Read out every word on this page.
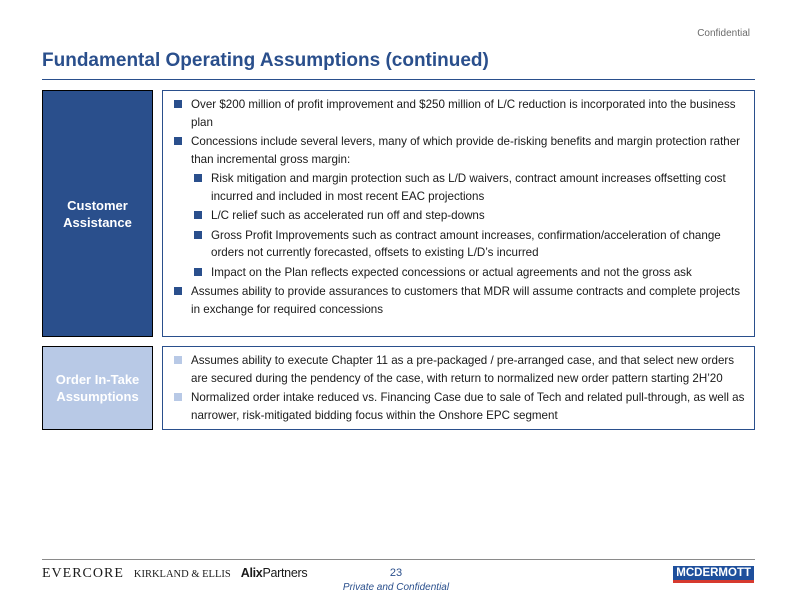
Confidential
Fundamental Operating Assumptions (continued)
Customer
Assistance
Over $200 million of profit improvement and $250 million of L/C reduction is incorporated into the business plan
Concessions include several levers, many of which provide de-risking benefits and margin protection rather than incremental gross margin:
Risk mitigation and margin protection such as L/D waivers, contract amount increases offsetting cost incurred and included in most recent EAC projections
L/C relief such as accelerated run off and step-downs
Gross Profit Improvements such as contract amount increases, confirmation/acceleration of change orders not currently forecasted, offsets to existing L/D’s incurred
Impact on the Plan reflects expected concessions or actual agreements and not the gross ask
Assumes ability to provide assurances to customers that MDR will assume contracts and complete projects in exchange for required concessions
Order In-Take
Assumptions
Assumes ability to execute Chapter 11 as a pre-packaged / pre-arranged case, and that select new orders are secured during the pendency of the case, with return to normalized new order pattern starting 2H’20
Normalized order intake reduced vs. Financing Case due to sale of Tech and related pull-through, as well as narrower, risk-mitigated bidding focus within the Onshore EPC segment
EVERCORE KIRKLAND & ELLIS AlixPartners	23
Private and Confidential
MCDERMOTT
